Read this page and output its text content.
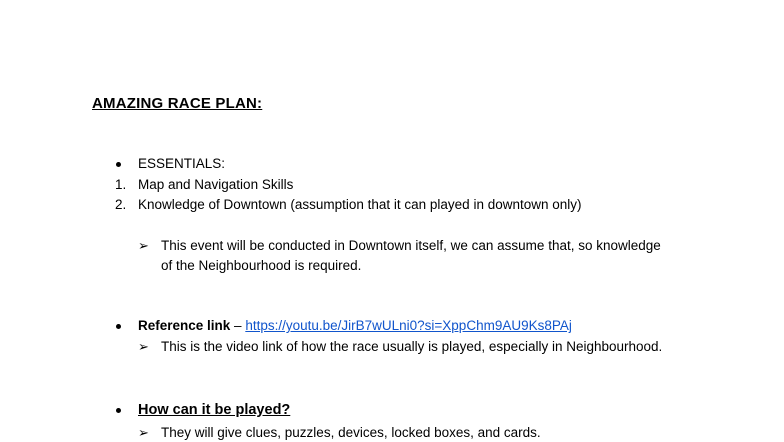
AMAZING RACE PLAN:
ESSENTIALS:
1. Map and Navigation Skills
2. Knowledge of Downtown (assumption that it can played in downtown only)
➢ This event will be conducted in Downtown itself, we can assume that, so knowledge
of the Neighbourhood is required.
Reference link – https://youtu.be/JirB7wULni0?si=XppChm9AU9Ks8PAj
➢ This is the video link of how the race usually is played, especially in Neighbourhood.
How can it be played?
➢ They will give clues, puzzles, devices, locked boxes, and cards.
